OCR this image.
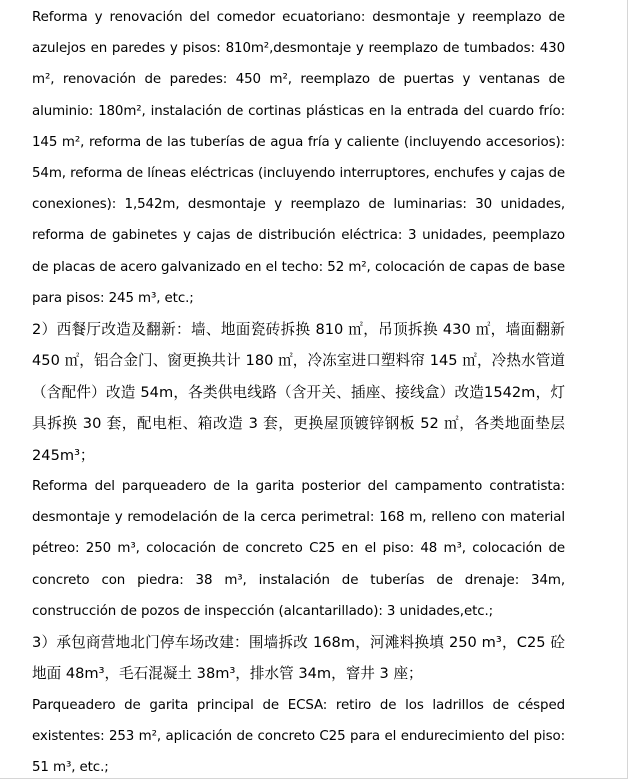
Reforma y renovación del comedor ecuatoriano: desmontaje y reemplazo de azulejos en paredes y pisos: 810m²,desmontaje y reemplazo de tumbados: 430 m², renovación de paredes: 450 m², reemplazo de puertas y ventanas de aluminio: 180m², instalación de cortinas plásticas en la entrada del cuardo frío: 145 m², reforma de las tuberías de agua fría y caliente (incluyendo accesorios): 54m, reforma de líneas eléctricas (incluyendo interruptores, enchufes y cajas de conexiones): 1,542m, desmontaje y reemplazo de luminarias: 30 unidades, reforma de gabinetes y cajas de distribución eléctrica: 3 unidades, peemplazo de placas de acero galvanizado en el techo: 52 m², colocación de capas de base para pisos: 245 m³, etc.;

2）西餐厅改造及翻新：墙、地面瓷砖拆换 810 ㎡，吊顶拆换 430 ㎡，墙面翻新 450 ㎡，铝合金门、窗更换共计 180 ㎡，冷冻室进口塑料帘 145 ㎡，冷热水管道（含配件）改造 54m，各类供电线路（含开关、插座、接线盒）改造1542m，灯具拆换 30 套，配电柜、箱改造 3 套，更换屋顶镀锌钢板 52 ㎡，各类地面垫层 245m³；

Reforma del parqueadero de la garita posterior del campamento contratista: desmontaje y remodelación de la cerca perimetral: 168 m, relleno con material pétreo: 250 m³, colocación de concreto C25 en el piso: 48 m³, colocación de concreto con piedra: 38 m³, instalación de tuberías de drenaje: 34m, construcción de pozos de inspección (alcantarillado): 3 unidades,etc.;

3）承包商营地北门停车场改建：围墙拆改 168m，河滩料换填 250 m³，C25 砼地面 48m³，毛石混凝土 38m³，排水管 34m，窨井 3 座；

Parqueadero de garita principal de ECSA: retiro de los ladrillos de césped existentes: 253 m², aplicación de concreto C25 para el endurecimiento del piso: 51 m³, etc.;
